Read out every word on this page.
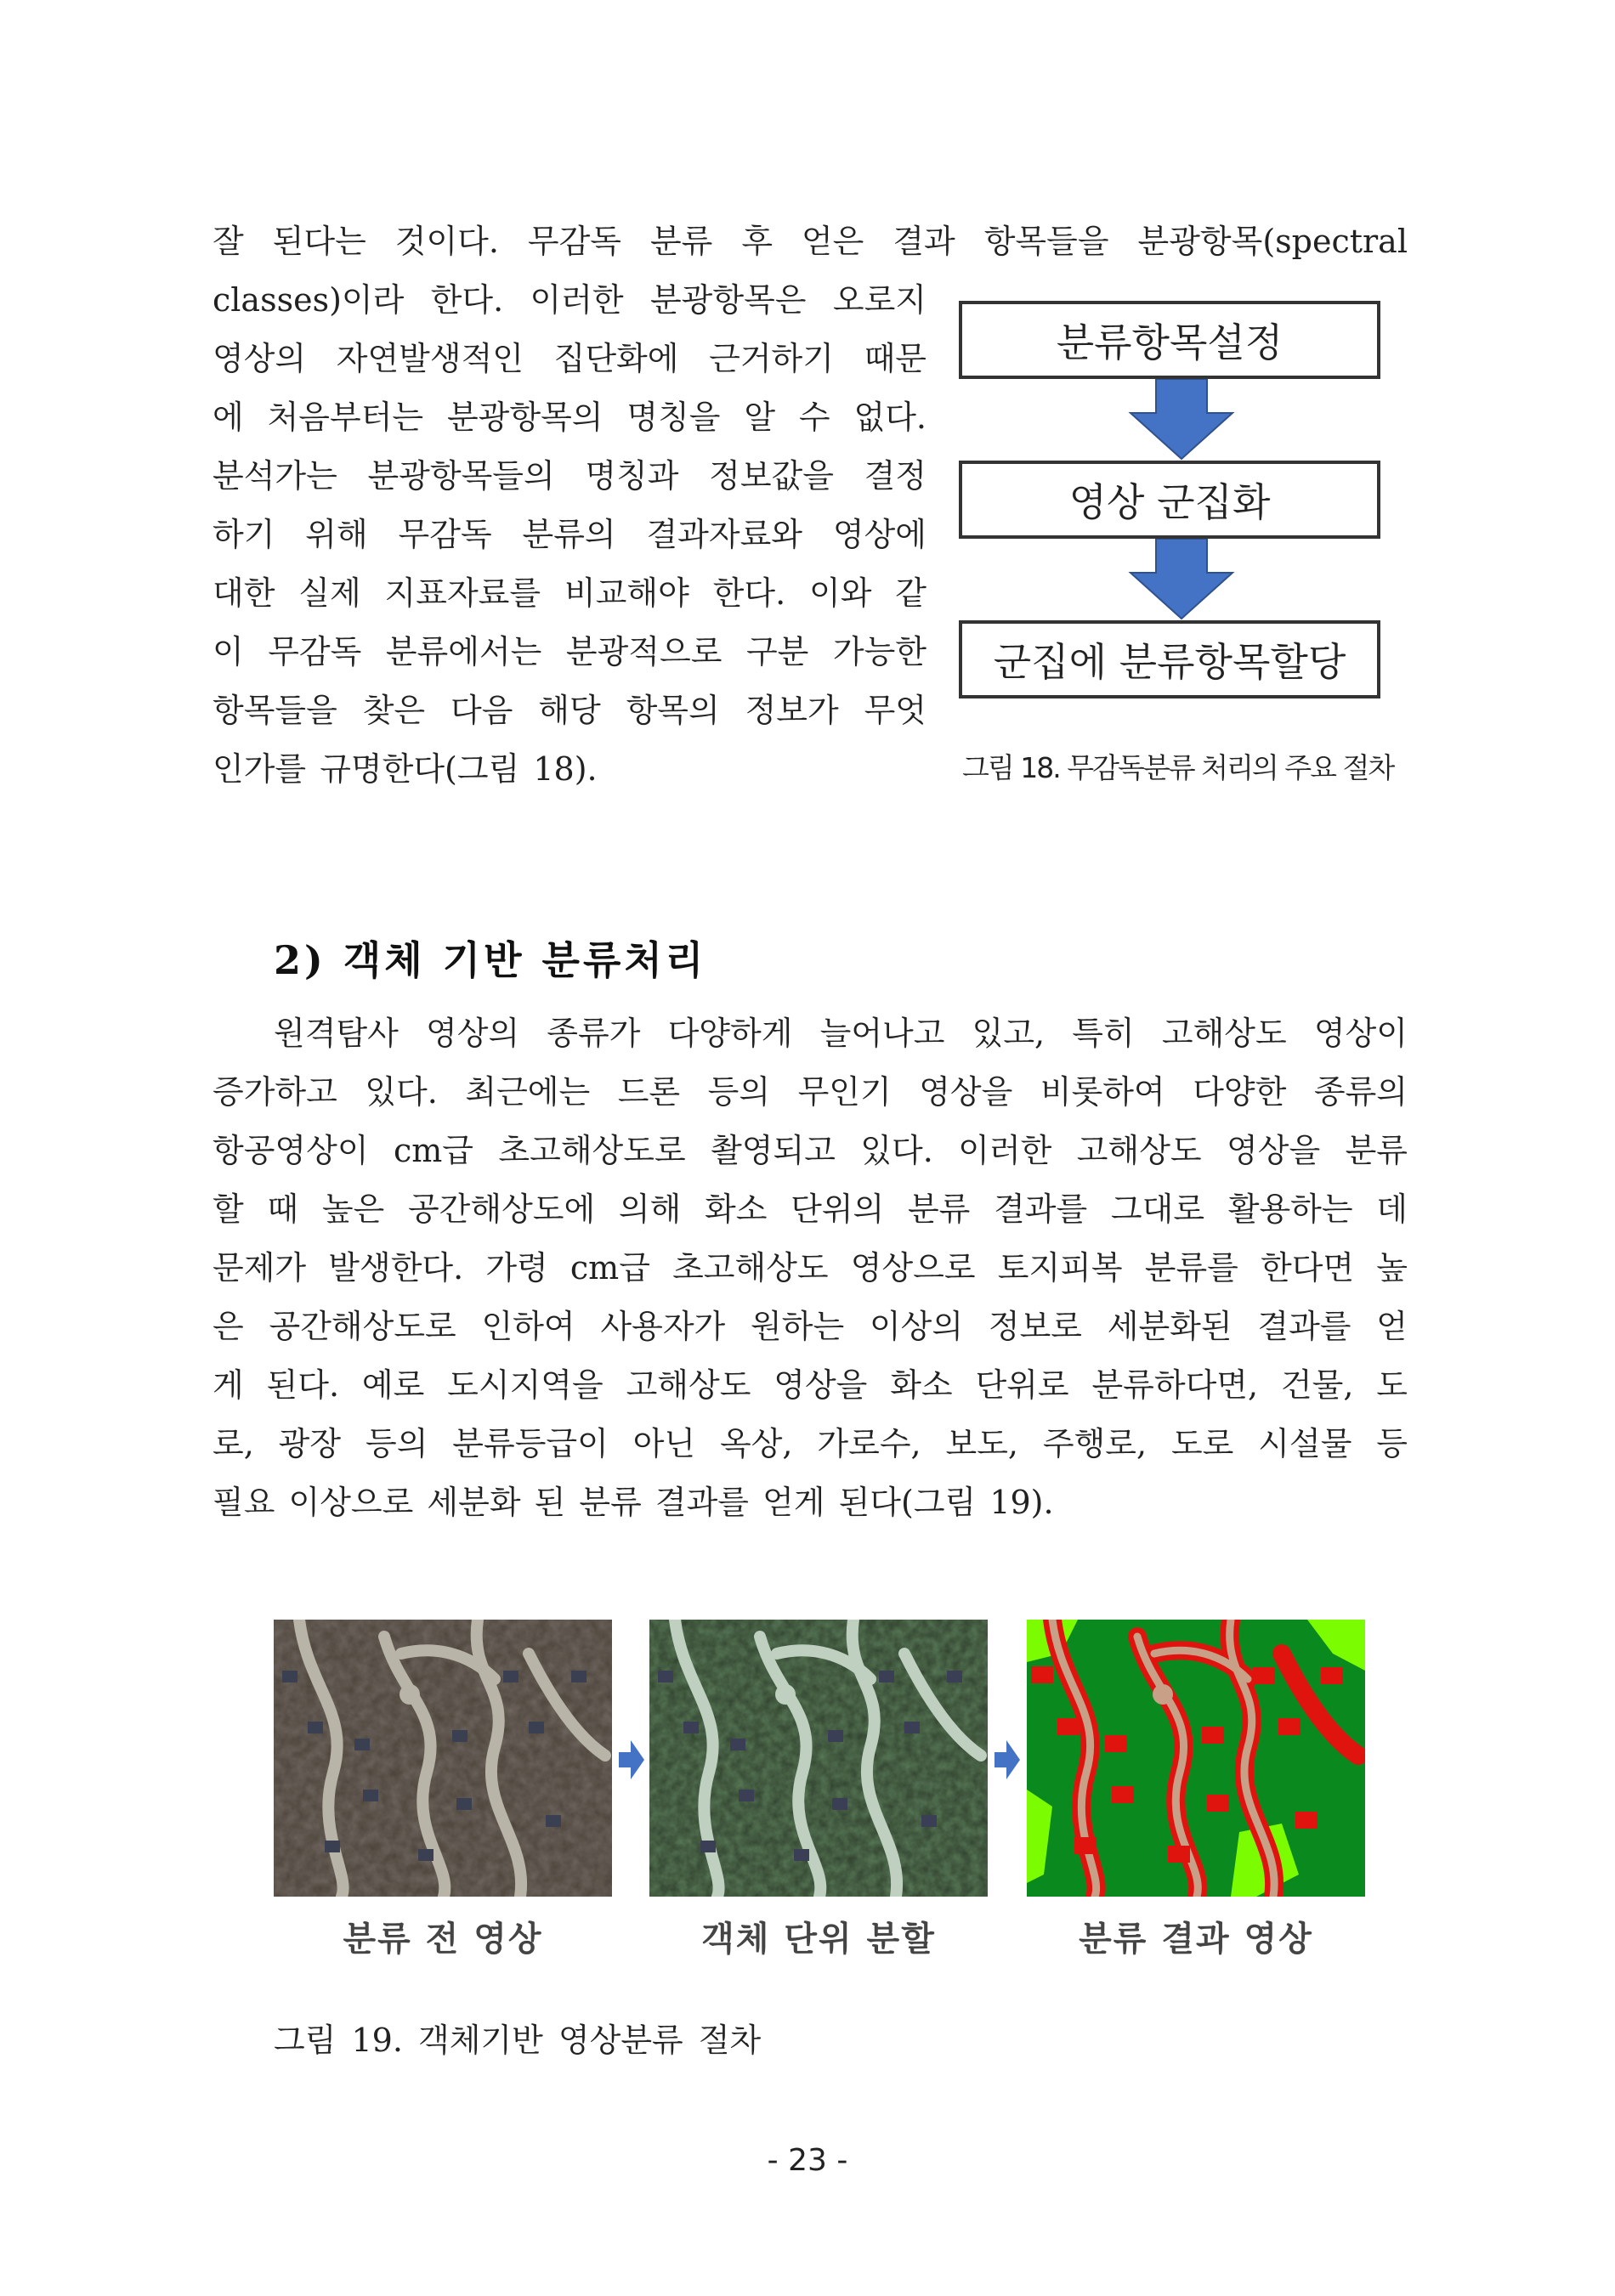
잘 된다는 것이다. 무감독 분류 후 얻은 결과 항목들을 분광항목(spectral
classes)이라 한다. 이러한 분광항목은 오로지
영상의 자연발생적인 집단화에 근거하기 때문
에 처음부터는 분광항목의 명칭을 알 수 없다.
분석가는 분광항목들의 명칭과 정보값을 결정
하기 위해 무감독 분류의 결과자료와 영상에
대한 실제 지표자료를 비교해야 한다. 이와 같
이 무감독 분류에서는 분광적으로 구분 가능한
항목들을 찾은 다음 해당 항목의 정보가 무엇
인가를 규명한다(그림 18).
분류항목설정
영상 군집화
군집에 분류항목할당
그림 18. 무감독분류 처리의 주요 절차
2) 객체 기반 분류처리
원격탐사 영상의 종류가 다양하게 늘어나고 있고, 특히 고해상도 영상이
증가하고 있다. 최근에는 드론 등의 무인기 영상을 비롯하여 다양한 종류의
항공영상이 cm급 초고해상도로 촬영되고 있다. 이러한 고해상도 영상을 분류
할 때 높은 공간해상도에 의해 화소 단위의 분류 결과를 그대로 활용하는 데
문제가 발생한다. 가령 cm급 초고해상도 영상으로 토지피복 분류를 한다면 높
은 공간해상도로 인하여 사용자가 원하는 이상의 정보로 세분화된 결과를 얻
게 된다. 예로 도시지역을 고해상도 영상을 화소 단위로 분류하다면, 건물, 도
로, 광장 등의 분류등급이 아닌 옥상, 가로수, 보도, 주행로, 도로 시설물 등
필요 이상으로 세분화 된 분류 결과를 얻게 된다(그림 19).
분류 전 영상	객체 단위 분할	분류 결과 영상
그림 19. 객체기반 영상분류 절차
- 23 -
